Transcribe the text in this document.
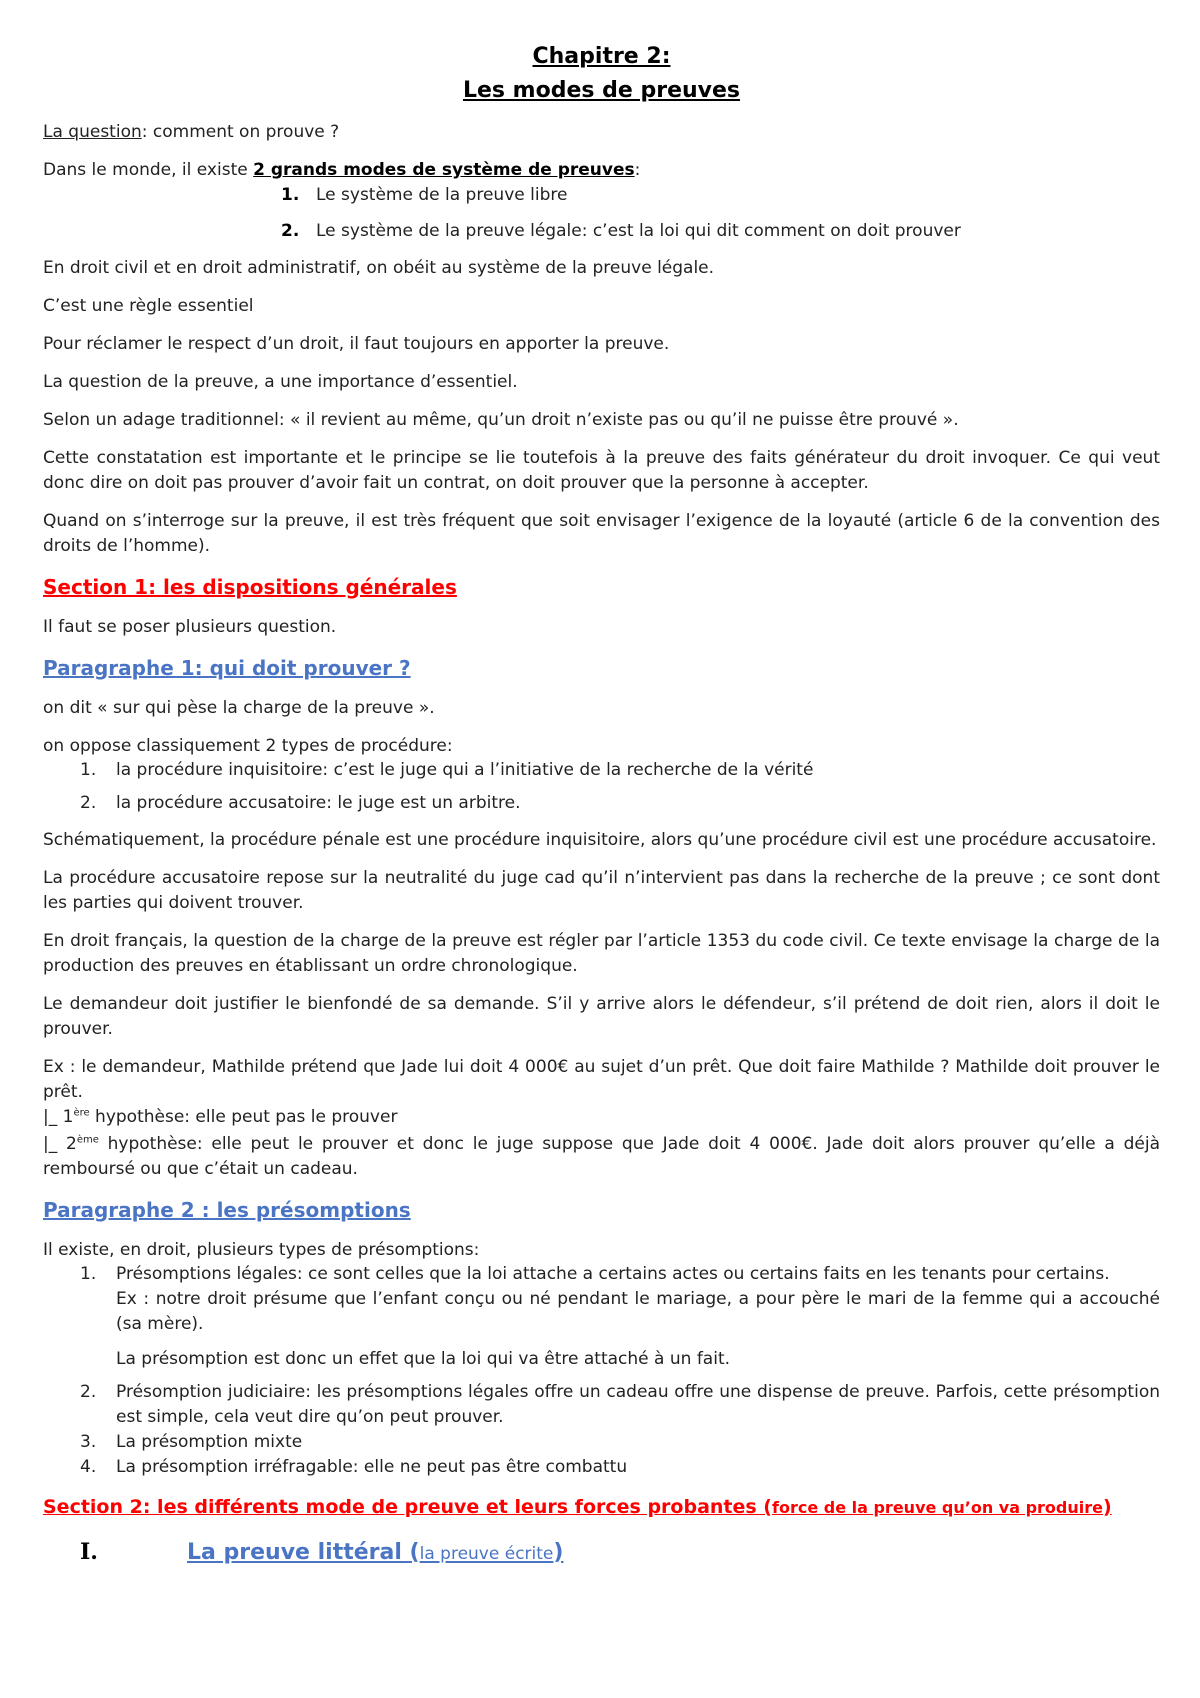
Chapitre 2:
Les modes de preuves

La question: comment on prouve ?

Dans le monde, il existe 2 grands modes de système de preuves:

1. Le système de la preuve libre
2. Le système de la preuve légale: c’est la loi qui dit comment on doit prouver

En droit civil et en droit administratif, on obéit au système de la preuve légale.

C’est une règle essentiel

Pour réclamer le respect d’un droit, il faut toujours en apporter la preuve.

La question de la preuve, a une importance d’essentiel.

Selon un adage traditionnel: « il revient au même, qu’un droit n’existe pas ou qu’il ne puisse être prouvé ».

Cette constatation est importante et le principe se lie toutefois à la preuve des faits générateur du droit invoquer. Ce qui veut donc dire on doit pas prouver d’avoir fait un contrat, on doit prouver que la personne à accepter.

Quand on s’interroge sur la preuve, il est très fréquent que soit envisager l’exigence de la loyauté (article 6 de la convention des droits de l’homme).

Section 1: les dispositions générales

Il faut se poser plusieurs question.

Paragraphe 1: qui doit prouver ?

on dit « sur qui pèse la charge de la preuve ».

on oppose classiquement 2 types de procédure:

1. la procédure inquisitoire: c’est le juge qui a l’initiative de la recherche de la vérité
2. la procédure accusatoire: le juge est un arbitre.

Schématiquement, la procédure pénale est une procédure inquisitoire, alors qu’une procédure civil est une procédure accusatoire.

La procédure accusatoire repose sur la neutralité du juge cad qu’il n’intervient pas dans la recherche de la preuve ; ce sont dont les parties qui doivent trouver.

En droit français, la question de la charge de la preuve est régler par l’article 1353 du code civil. Ce texte envisage la charge de la production des preuves en établissant un ordre chronologique.

Le demandeur doit justifier le bienfondé de sa demande. S’il y arrive alors le défendeur, s’il prétend de doit rien, alors il doit le prouver.

Ex : le demandeur, Mathilde prétend que Jade lui doit 4 000€ au sujet d’un prêt. Que doit faire Mathilde ? Mathilde doit prouver le prêt.
|_ 1ère hypothèse: elle peut pas le prouver

|_ 2ème hypothèse: elle peut le prouver et donc le juge suppose que Jade doit 4 000€. Jade doit alors prouver qu’elle a déjà remboursé ou que c’était un cadeau.

Paragraphe 2 : les présomptions

Il existe, en droit, plusieurs types de présomptions:

1. Présomptions légales: ce sont celles que la loi attache a certains actes ou certains faits en les tenants pour certains.
Ex : notre droit présume que l’enfant conçu ou né pendant le mariage, a pour père le mari de la femme qui a accouché (sa mère).
La présomption est donc un effet que la loi qui va être attaché à un fait.
2. Présomption judiciaire: les présomptions légales offre un cadeau offre une dispense de preuve. Parfois, cette présomption est simple, cela veut dire qu’on peut prouver.
3. La présomption mixte
4. La présomption irréfragable: elle ne peut pas être combattu
Section 2: les différents mode de preuve et leurs forces probantes (force de la preuve qu’on va produire)
I.	La preuve littéral (la preuve écrite)
